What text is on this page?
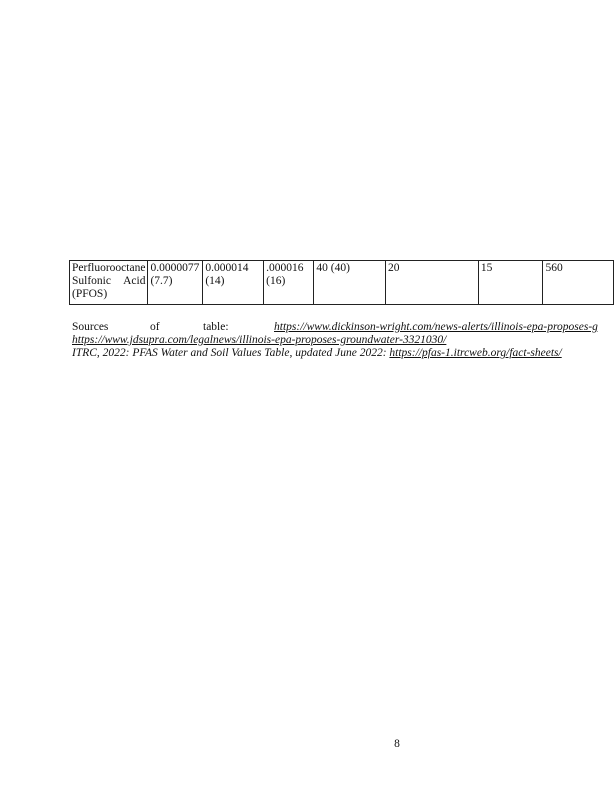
Perfluorooctane Sulfonic Acid (PFOS)	0.0000077 (7.7)	0.000014 (14)	.000016 (16)	40 (40)	20	15	560
Sources	of	table:	https://www.dickinson-wright.com/news-alerts/illinois-epa-proposes-g
https://www.jdsupra.com/legalnews/illinois-epa-proposes-groundwater-3321030/
ITRC, 2022: PFAS Water and Soil Values Table, updated June 2022: https://pfas-1.itrcweb.org/fact-sheets/
8
